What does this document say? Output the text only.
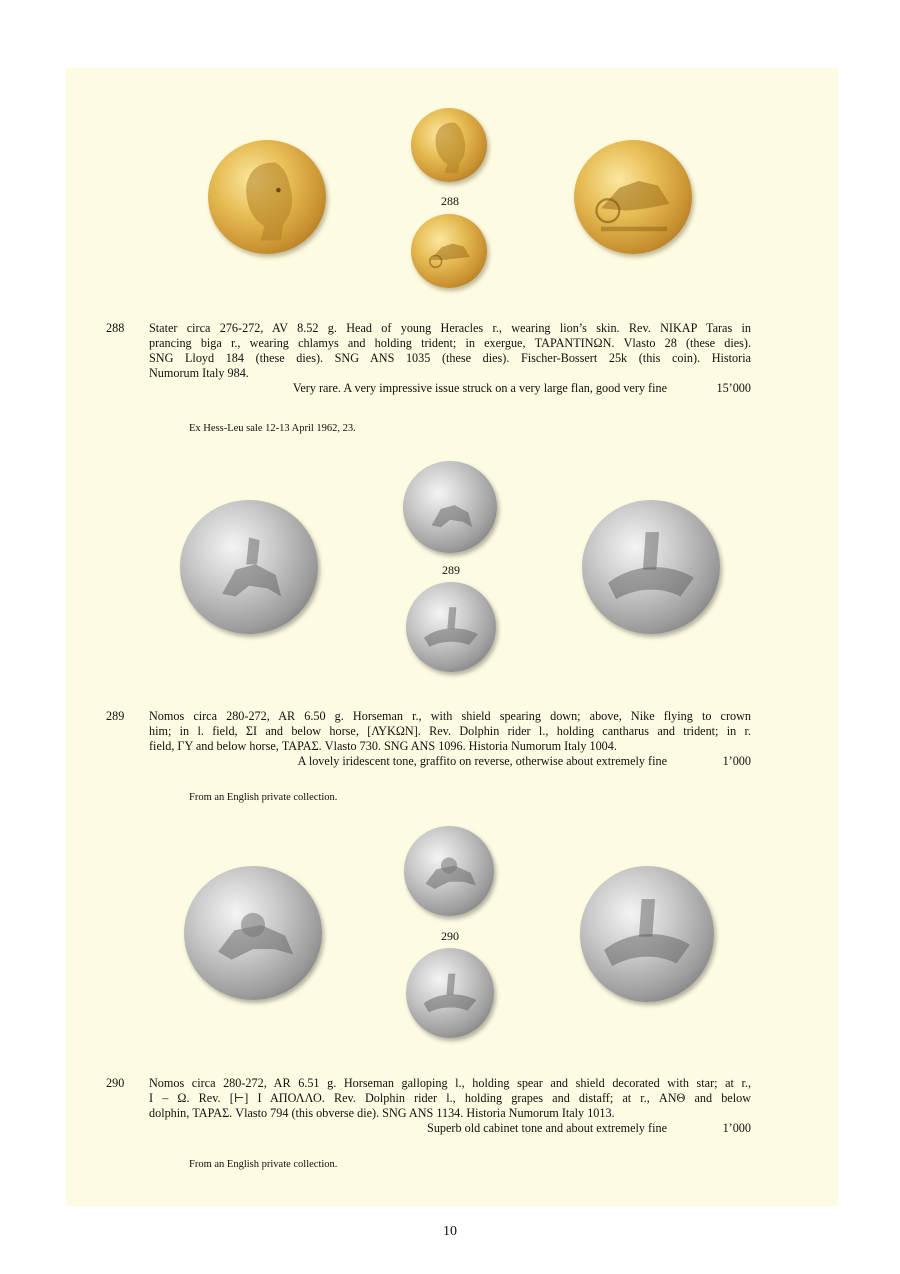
288
288 Stater circa 276-272, AV 8.52 g. Head of young Heracles r., wearing lion’s skin. Rev. NIKAP Taras in
prancing biga r., wearing chlamys and holding trident; in exergue, ΤΑΡΑΝΤΙΝΩΝ. Vlasto 28 (these dies).
SNG Lloyd 184 (these dies). SNG ANS 1035 (these dies). Fischer-Bossert 25k (this coin). Historia
Numorum Italy 984.
Very rare. A very impressive issue struck on a very large flan, good very fine	15’000
Ex Hess-Leu sale 12-13 April 1962, 23.
289
289 Nomos circa 280-272, AR 6.50 g. Horseman r., with shield spearing down; above, Nike flying to crown
him; in l. field, ΣΙ and below horse, [ΛΥΚΩΝ]. Rev. Dolphin rider l., holding cantharus and trident; in r.
field, ΓΥ and below horse, ΤΑΡΑΣ. Vlasto 730. SNG ANS 1096. Historia Numorum Italy 1004.
A lovely iridescent tone, graffito on reverse, otherwise about extremely fine	1’000
From an English private collection.
290
290 Nomos circa 280-272, AR 6.51 g. Horseman galloping l., holding spear and shield decorated with star; at r.,
Ι – Ω. Rev. [⊢] Ι ΑΠΟΛΛΟ. Rev. Dolphin rider l., holding grapes and distaff; at r., ΑΝΘ and below
dolphin, ΤΑΡΑΣ. Vlasto 794 (this obverse die). SNG ANS 1134. Historia Numorum Italy 1013.
Superb old cabinet tone and about extremely fine	1’000
From an English private collection.
10
